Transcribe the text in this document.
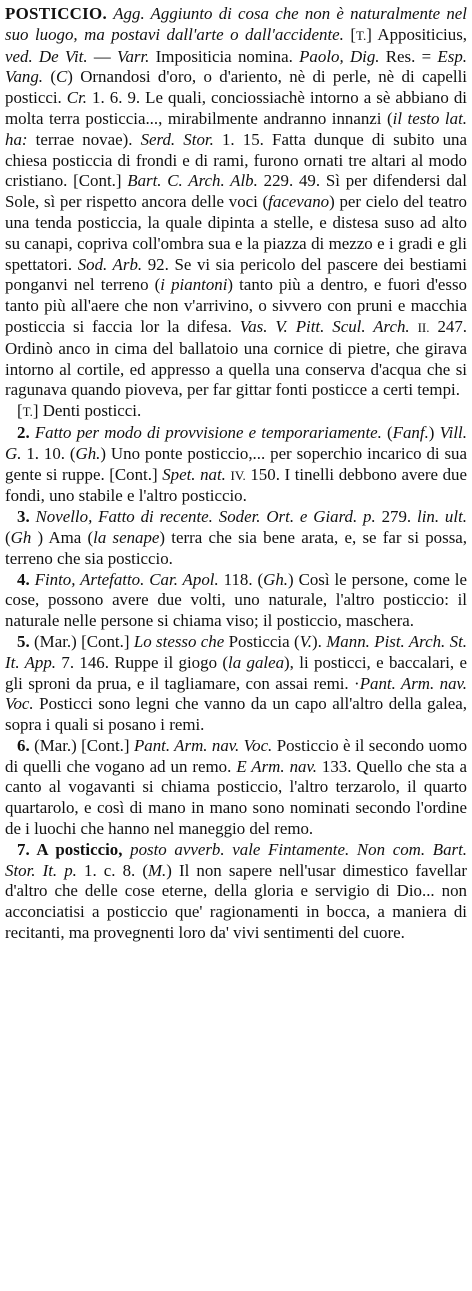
POSTICCIO. Agg. Aggiunto di cosa che non è naturalmente nel suo luogo, ma postavi dall'arte o dall'accidente. [T.] Appositicius, ved. De Vit. — Varr. Impositicia nomina. Paolo, Dig. Res. = Esp. Vang. (C) Ornandosi d'oro, o d'ariento, nè di perle, nè di capelli posticci. Cr. 1. 6. 9. Le quali, conciossiachè intorno a sè abbiano di molta terra posticcia..., mirabilmente andranno innanzi (il testo lat. ha: terrae novae). Serd. Stor. 1. 15. Fatta dunque di subito una chiesa posticcia di frondi e di rami, furono ornati tre altari al modo cristiano. [Cont.] Bart. C. Arch. Alb. 229. 49. Sì per difendersi dal Sole, sì per rispetto ancora delle voci (facevano) per cielo del teatro una tenda posticcia, la quale dipinta a stelle, e distesa suso ad alto su canapi, copriva coll'ombra sua e la piazza di mezzo e i gradi e gli spettatori. Sod. Arb. 92. Se vi sia pericolo del pascere dei bestiami ponganvi nel terreno (i piantoni) tanto più a dentro, e fuori d'esso tanto più all'aere che non v'arrivino, o sivvero con pruni e macchia posticcia si faccia lor la difesa. Vas. V. Pitt. Scul. Arch. II. 247. Ordinò anco in cima del ballatoio una cornice di pietre, che girava intorno al cortile, ed appresso a quella una conserva d'acqua che si ragunava quando pioveva, per far gittar fonti posticce a certi tempi.

[T.] Denti posticci.

2. Fatto per modo di provvisione e temporariamente. (Fanf.) Vill. G. 1. 10. (Gh.) Uno ponte posticcio,... per soperchio incarico di sua gente si ruppe. [Cont.] Spet. nat. IV. 150. I tinelli debbono avere due fondi, uno stabile e l'altro posticcio.

3. Novello, Fatto di recente. Soder. Ort. e Giard. p. 279. lin. ult. (Gh ) Ama (la senape) terra che sia bene arata, e, se far si possa, terreno che sia posticcio.

4. Finto, Artefatto. Car. Apol. 118. (Gh.) Così le persone, come le cose, possono avere due volti, uno naturale, l'altro posticcio: il naturale nelle persone si chiama viso; il posticcio, maschera.

5. (Mar.) [Cont.] Lo stesso che Posticcia (V.). Mann. Pist. Arch. St. It. App. 7. 146. Ruppe il giogo (la galea), li posticci, e baccalari, e gli sproni da prua, e il tagliamare, con assai remi. ·Pant. Arm. nav. Voc. Posticci sono legni che vanno da un capo all'altro della galea, sopra i quali si posano i remi.

6. (Mar.) [Cont.] Pant. Arm. nav. Voc. Posticcio è il secondo uomo di quelli che vogano ad un remo. E Arm. nav. 133. Quello che sta a canto al vogavanti si chiama posticcio, l'altro terzarolo, il quarto quartarolo, e così di mano in mano sono nominati secondo l'ordine de i luochi che hanno nel maneggio del remo.

7. A posticcio, posto avverb. vale Fintamente. Non com. Bart. Stor. It. p. 1. c. 8. (M.) Il non sapere nell'usar dimestico favellar d'altro che delle cose eterne, della gloria e servigio di Dio... non acconciatisi a posticcio que' ragionamenti in bocca, a maniera di recitanti, ma provegnenti loro da' vivi sentimenti del cuore.
